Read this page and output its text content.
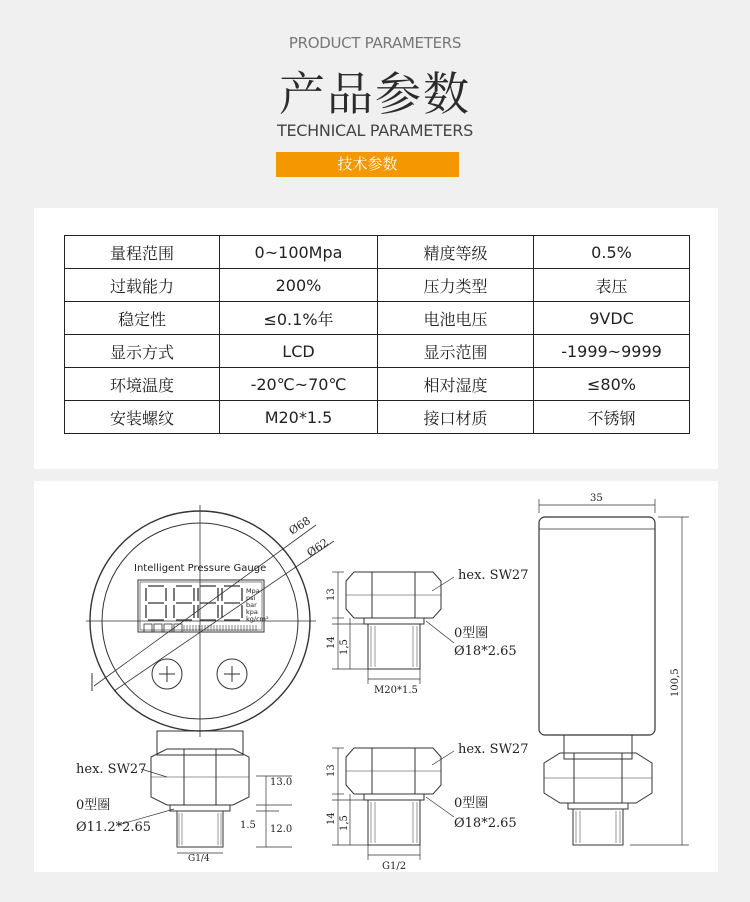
PRODUCT PARAMETERS
产品参数
TECHNICAL PARAMETERS
技术参数
量程范围	0~100Mpa	精度等级	0.5%
过载能力	200%	压力类型	表压
稳定性	≤0.1%年	电池电压	9VDC
显示方式	LCD	显示范围	-1999~9999
环境温度	-20℃~70℃	相对湿度	≤80%
安装螺纹	M20*1.5	接口材质	不锈钢
Intelligent Pressure Gauge
Mpa
psi
bar
kpa
kg/cm²
Ø68
Ø62
hex. SW27
0型圈
Ø11.2*2.65
13.0
1.5 12.0
G1/4
hex. SW27
0型圈
Ø18*2.65
13
14 1,5
M20*1.5
hex. SW27
0型圈
Ø18*2.65
13
14 1,5
G1/2
35
100,5
